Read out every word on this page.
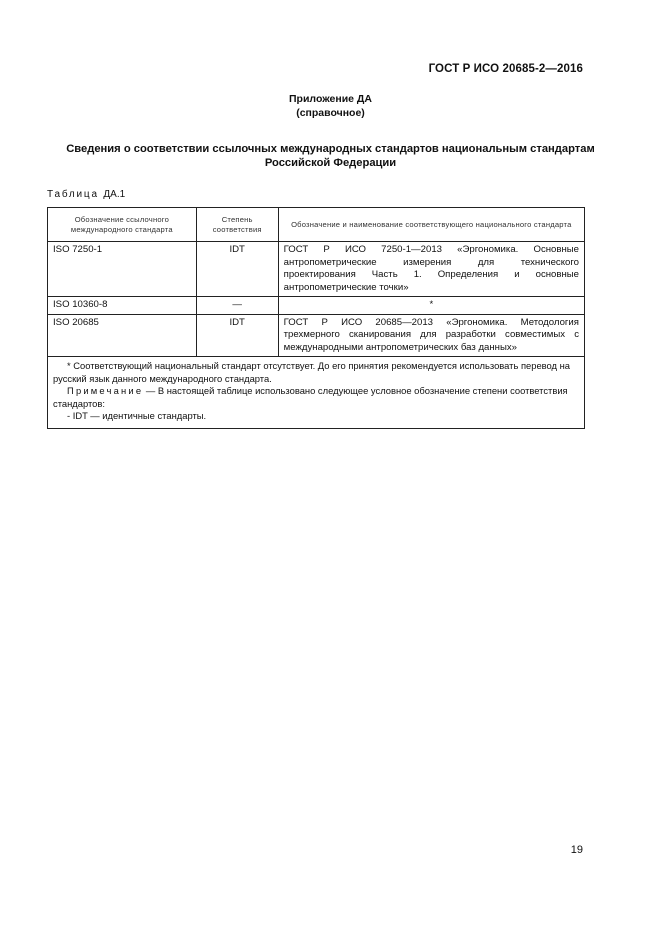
ГОСТ Р ИСО 20685-2—2016
Приложение ДА
(справочное)
Сведения о соответствии ссылочных международных стандартов национальным стандартам Российской Федерации
Таблица ДА.1
Обозначение ссылочного международного стандарта	Степень соответствия	Обозначение и наименование соответствующего национального стандарта
ISO 7250-1	IDT	ГОСТ Р ИСО 7250-1—2013 «Эргономика. Основные антропометрические измерения для технического проектирования Часть 1. Определения и основные антропометрические точки»
ISO 10360-8	—	*
ISO 20685	IDT	ГОСТ Р ИСО 20685—2013 «Эргономика. Методология трехмерного сканирования для разработки совместимых с международными антропометрических баз данных»

* Соответствующий национальный стандарт отсутствует. До его принятия рекомендуется использовать перевод на русский язык данного международного стандарта.
Примечание — В настоящей таблице использовано следующее условное обозначение степени соответствия стандартов:
- IDT — идентичные стандарты.		
19
